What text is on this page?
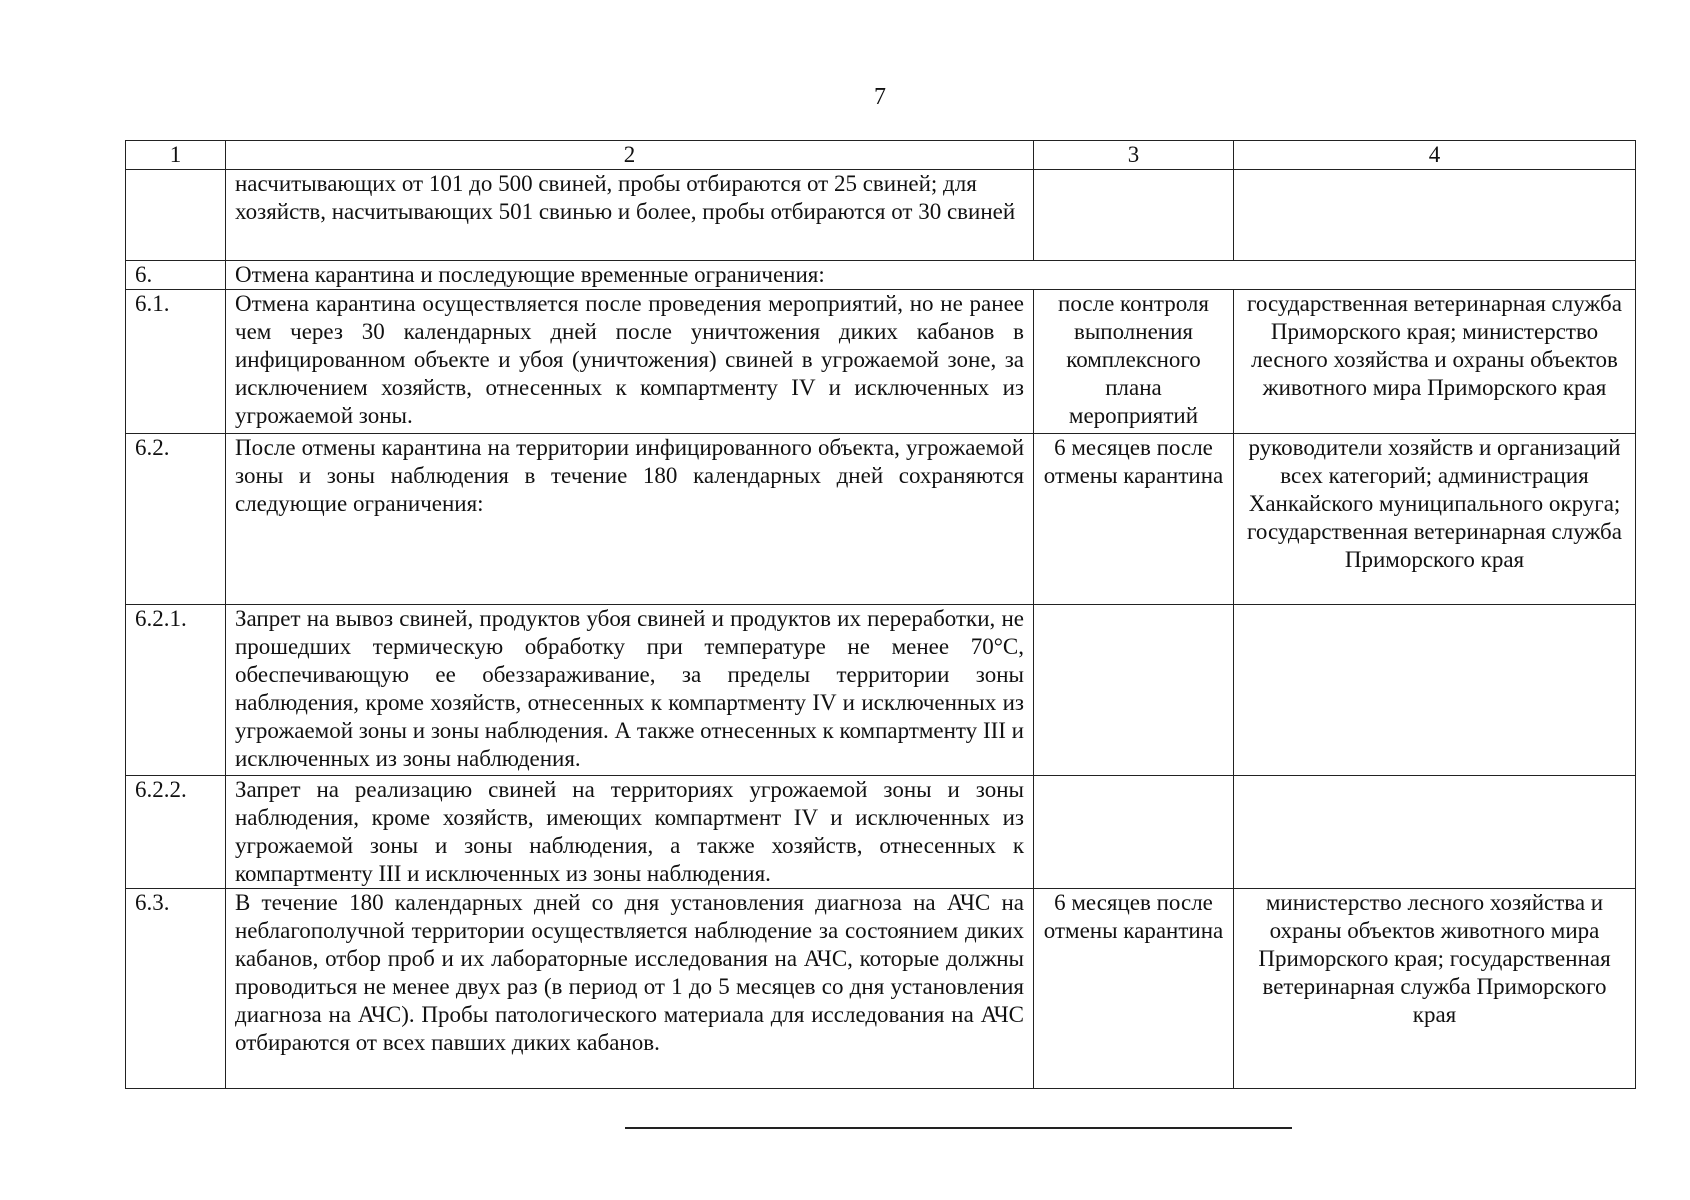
7
1	2	3	4
	насчитывающих от 101 до 500 свиней, пробы отбираются от 25 свиней; для хозяйств, насчитывающих 501 свинью и более, пробы отбираются от 30 свиней		
6.	Отмена карантина и последующие временные ограничения:		
6.1.	Отмена карантина осуществляется после проведения мероприятий, но не ранее чем через 30 календарных дней после уничтожения диких кабанов в инфицированном объекте и убоя (уничтожения) свиней в угрожаемой зоне, за исключением хозяйств, отнесенных к компартменту IV и исключенных из угрожаемой зоны.	после контроля выполнения комплексного плана мероприятий	государственная ветеринарная служба Приморского края; министерство лесного хозяйства и охраны объектов животного мира Приморского края
6.2.	После отмены карантина на территории инфицированного объекта, угрожаемой зоны и зоны наблюдения в течение 180 календарных дней сохраняются следующие ограничения:	6 месяцев после отмены карантина	руководители хозяйств и организаций всех категорий; администрация Ханкайского муниципального округа; государственная ветеринарная служба Приморского края
6.2.1.	Запрет на вывоз свиней, продуктов убоя свиней и продуктов их переработки, не прошедших термическую обработку при температуре не менее 70°С, обеспечивающую ее обеззараживание, за пределы территории зоны наблюдения, кроме хозяйств, отнесенных к компартменту IV и исключенных из угрожаемой зоны и зоны наблюдения. А также отнесенных к компартменту III и исключенных из зоны наблюдения.		
6.2.2.	Запрет на реализацию свиней на территориях угрожаемой зоны и зоны наблюдения, кроме хозяйств, имеющих компартмент IV и исключенных из угрожаемой зоны и зоны наблюдения, а также хозяйств, отнесенных к компартменту III и исключенных из зоны наблюдения.		
6.3.	В течение 180 календарных дней со дня установления диагноза на АЧС на неблагополучной территории осуществляется наблюдение за состоянием диких кабанов, отбор проб и их лабораторные исследования на АЧС, которые должны проводиться не менее двух раз (в период от 1 до 5 месяцев со дня установления диагноза на АЧС). Пробы патологического материала для исследования на АЧС отбираются от всех павших диких кабанов.	6 месяцев после отмены карантина	министерство лесного хозяйства и охраны объектов животного мира Приморского края; государственная ветеринарная служба Приморского края
